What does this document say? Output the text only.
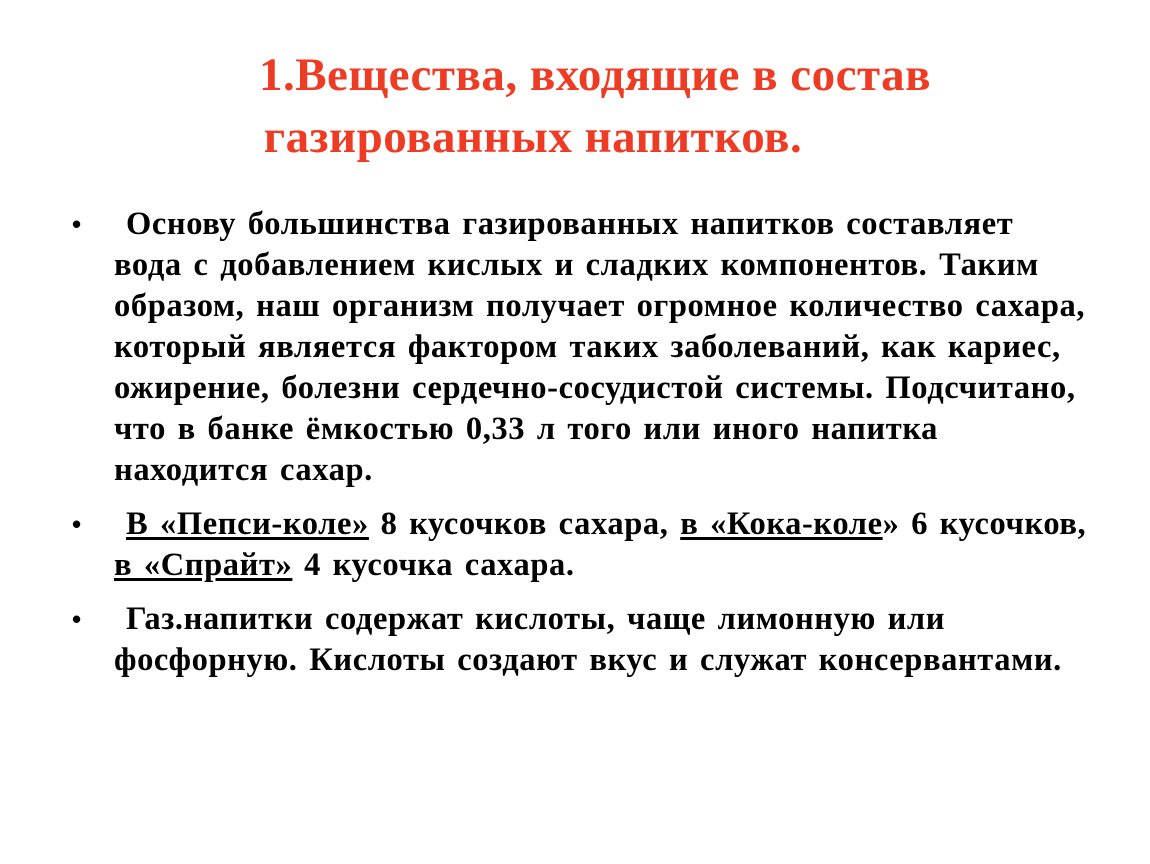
1.Вещества, входящие в состав
газированных напитков.
• Основу большинства газированных напитков составляет вода с добавлением кислых и сладких компонентов. Таким образом, наш организм получает огромное количество сахара, который является фактором таких заболеваний, как кариес, ожирение, болезни сердечно-сосудистой системы. Подсчитано, что в банке ёмкостью 0,33 л того или иного напитка находится сахар.
• В «Пепси-коле» 8 кусочков сахара, в «Кока-коле» 6 кусочков, в «Спрайт» 4 кусочка сахара.
• Газ.напитки содержат кислоты, чаще лимонную или фосфорную. Кислоты создают вкус и служат консервантами.
